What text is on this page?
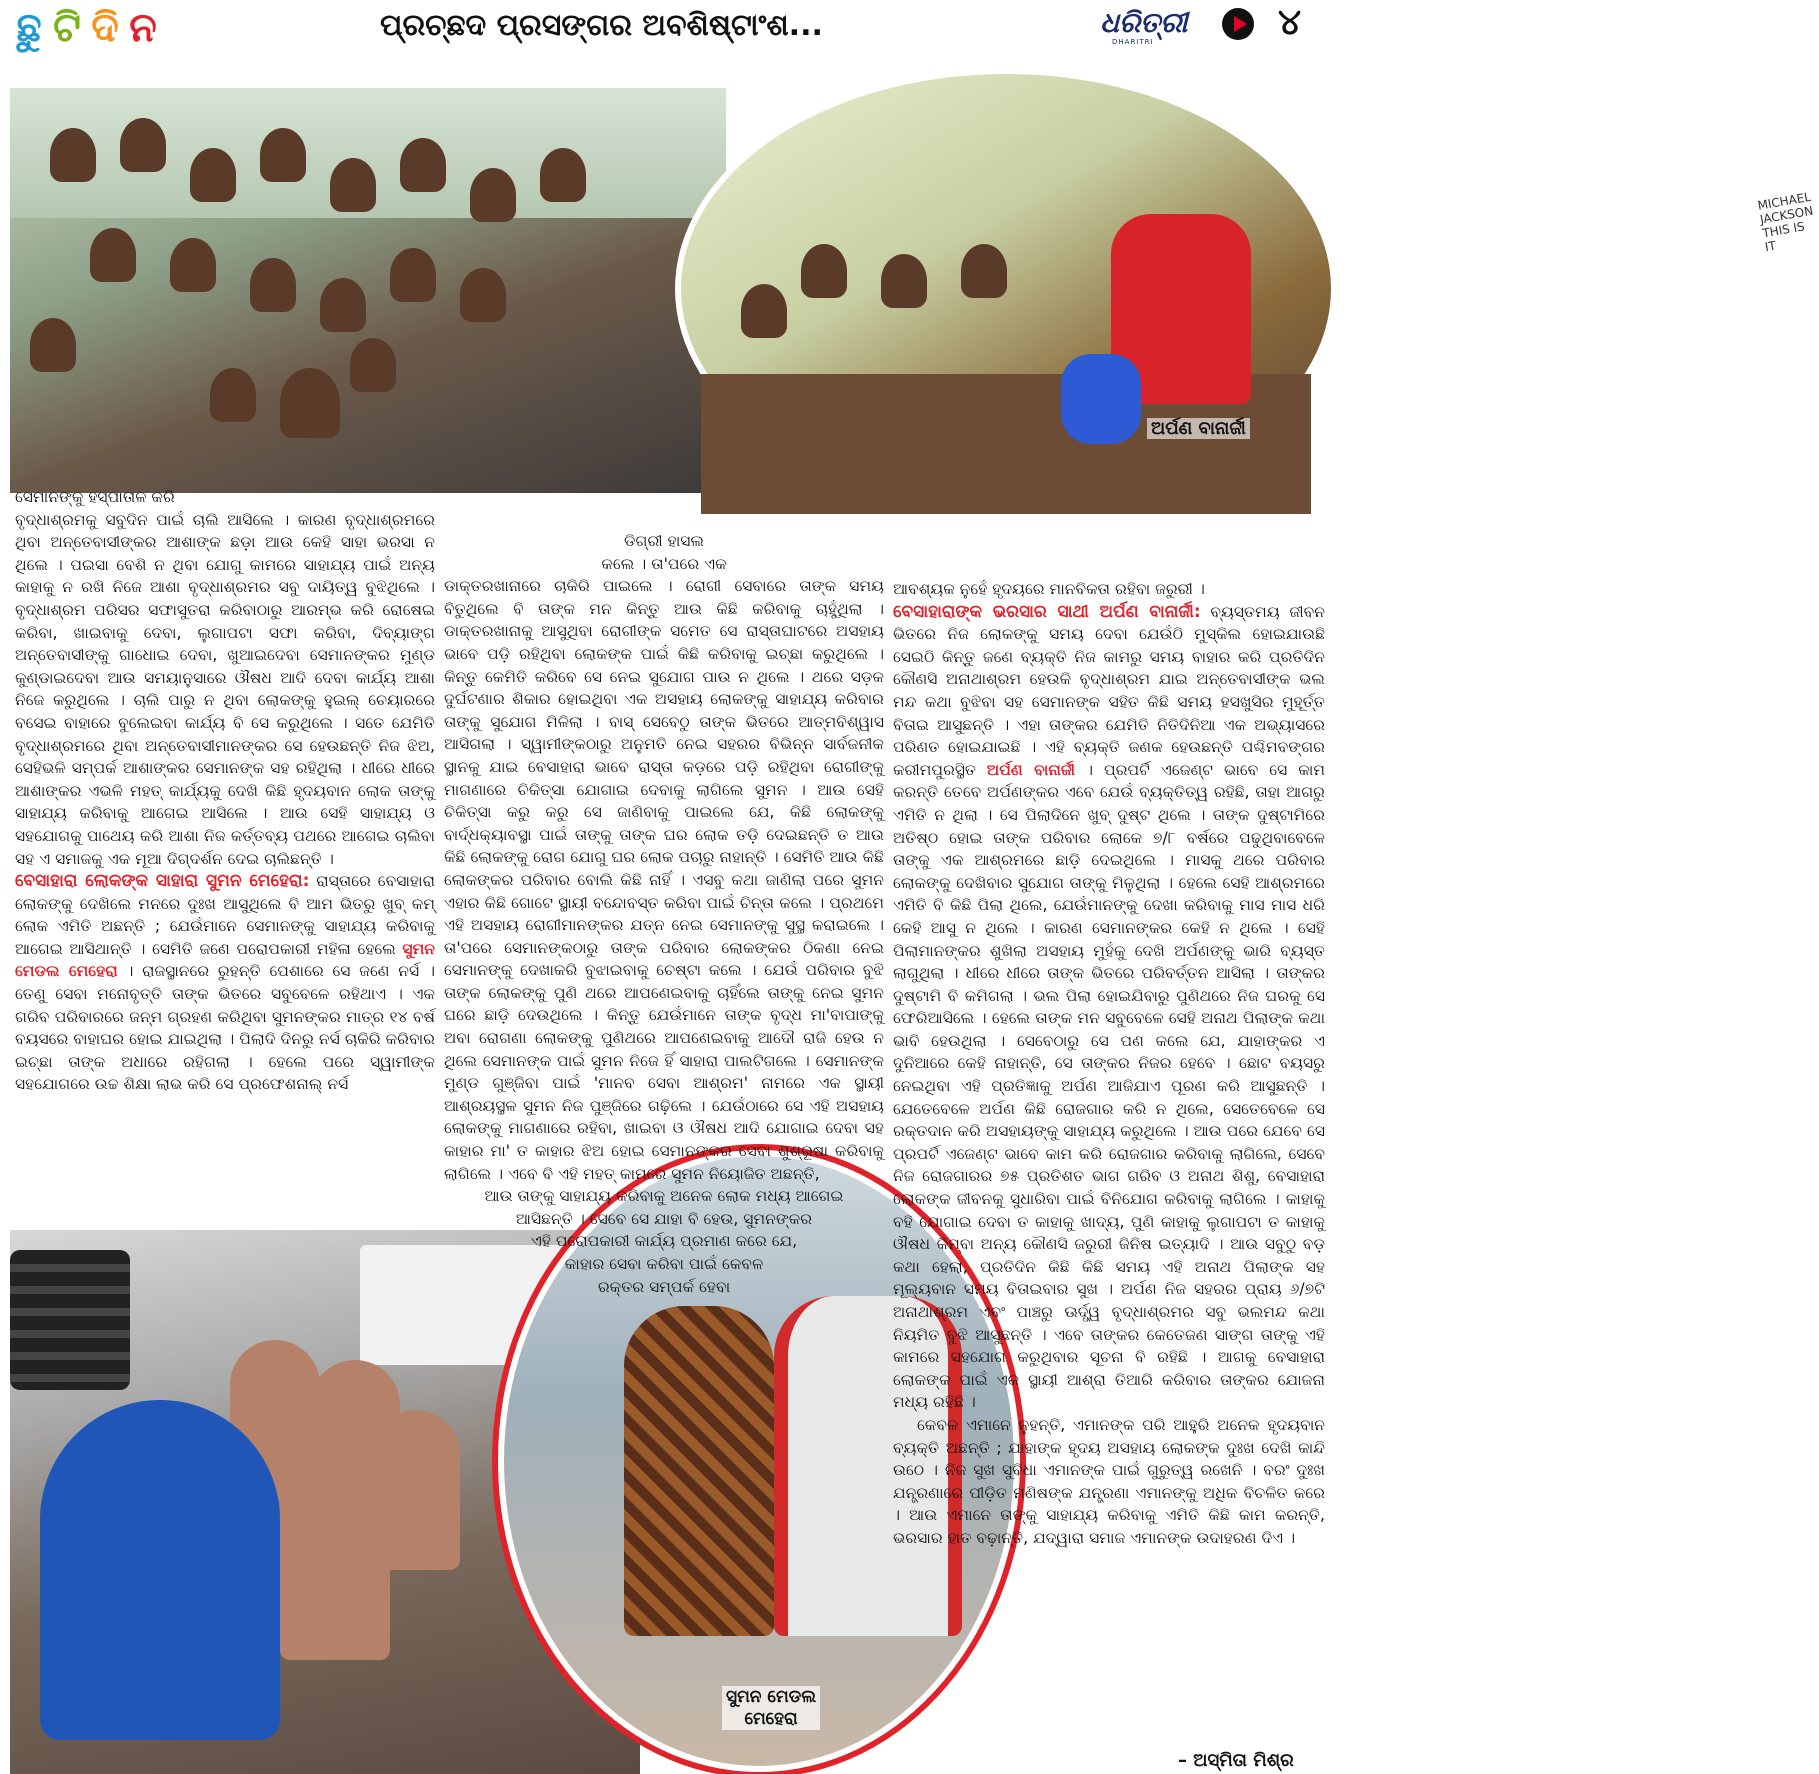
ଛୁ ଟି ଦି ନ	ପ୍ରଚ୍ଛଦ ପ୍ରସଙ୍ଗର ଅବଶିଷ୍ଟାଂଶ...	ଧରିତ୍ରୀ
DHARITRI	୪
MICHAEL JACKSON THIS IS IT
ଅର୍ପଣ ବାନାର୍ଜୀ
ସୁମନ ମେଡଲ
ମେହେରା

ସେମାନଙ୍କୁ ହସ୍ପାତାଳ କରି

ବୃଦ୍ଧାଶ୍ରମକୁ ସବୁଦିନ ପାଇଁ ଚାଲି ଆସିଲେ । କାରଣ ବୃଦ୍ଧାଶ୍ରମରେ ଥିବା ଅନ୍ତେବାସୀଙ୍କର ଆଶାଙ୍କ ଛଡ଼ା ଆଉ କେହି ସାହା ଭରସା ନ ଥିଲେ । ପଇସା ବେଶି ନ ଥିବା ଯୋଗୁ କାମରେ ସାହାଯ୍ୟ ପାଇଁ ଅନ୍ୟ କାହାକୁ ନ ରଖି ନିଜେ ଆଶା ବୃଦ୍ଧାଶ୍ରମର ସବୁ ଦାୟିତ୍ୱ ବୁଝିଥିଲେ । ବୃଦ୍ଧାଶ୍ରମ ପରିସର ସଫାସୁତରା କରିବାଠାରୁ ଆରମ୍ଭ କରି ରୋଷେଇ କରିବା, ଖାଇବାକୁ ଦେବା, ଲୁଗାପଟା ସଫା କରିବା, ଦିବ୍ୟାଙ୍ଗ ଅନ୍ତେବାସୀଙ୍କୁ ଗାଧୋଇ ଦେବା, ଖୁଆଇଦେବା ସେମାନଙ୍କର ମୁଣ୍ଡ କୁଣ୍ଡାଇଦେବା ଆଉ ସମୟାନୁସାରେ ଔଷଧ ଆଦି ଦେବା କାର୍ଯ୍ୟ ଆଶା ନିଜେ କରୁଥିଲେ । ଚାଲି ପାରୁ ନ ଥିବା ଲୋକଙ୍କୁ ହୁଇଲ୍‌ ଚେୟାରରେ ବସେଇ ବାହାରେ ବୁଲେଇବା କାର୍ଯ୍ୟ ବି ସେ କରୁଥିଲେ । ସତେ ଯେମିତି ବୃଦ୍ଧାଶ୍ରମରେ ଥିବା ଅନ୍ତେବାସୀମାନଙ୍କର ସେ ହେଉଛନ୍ତି ନିଜ ଝିଅ, ସେହିଭଳି ସମ୍ପର୍କ ଆଶାଙ୍କର ସେମାନଙ୍କ ସହ ରହିଥିଲା । ଧୀରେ ଧୀରେ ଆଶାଙ୍କର ଏଭଳି ମହତ୍‌ କାର୍ଯ୍ୟକୁ ଦେଖି କିଛି ହୃଦୟବାନ ଲୋକ ତାଙ୍କୁ ସାହାଯ୍ୟ କରିବାକୁ ଆଗେଇ ଆସିଲେ । ଆଉ ସେହି ସାହାଯ୍ୟ ଓ ସହଯୋଗକୁ ପାଥେୟ କରି ଆଶା ନିଜ କର୍ତ୍ତବ୍ୟ ପଥରେ ଆଗେଇ ଚାଲିବା ସହ ଏ ସମାଜକୁ ଏକ ମୂଆ ଦିଗ୍‌ଦର୍ଶନ ଦେଇ ଚାଲିଛନ୍ତି ।

ବେସାହାରା ଲୋକଙ୍କ ସାହାରା ସୁମନ ମେହେରା: ରାସ୍ତାରେ ବେସାହାରା ଲୋକଙ୍କୁ ଦେଖିଲେ ମନରେ ଦୁଃଖ ଆସୁଥିଲେ ବି ଆମ ଭିତରୁ ଖୁବ୍‌ କମ୍‌ ଲୋକ ଏମିତି ଅଛନ୍ତି ; ଯେଉଁମାନେ ସେମାନଙ୍କୁ ସାହାଯ୍ୟ କରିବାକୁ ଆଗେଇ ଆସିଥାନ୍ତି । ସେମିତି ଜଣେ ପରୋପକାରୀ ମହିଳା ହେଲେ ସୁମନ ମେଡଲ ମେହେରା । ରାଜସ୍ଥାନରେ ରୁହନ୍ତି ପେଶାରେ ସେ ଜଣେ ନର୍ସ । ତେଣୁ ସେବା ମନୋବୃତ୍ତି ତାଙ୍କ ଭିତରେ ସବୁବେଳେ ରହିଥାଏ । ଏକ ଗରିବ ପରିବାରରେ ଜନ୍ମ ଗ୍ରହଣ କରିଥିବା ସୁମନଙ୍କର ମାତ୍ର ୧୪ ବର୍ଷ ବୟସରେ ବାହାଘର ହୋଇ ଯାଇଥିଲା । ପିଲାଦି ଦିନରୁ ନର୍ସ ଚାକିରି କରିବାର ଇଚ୍ଛା ତାଙ୍କ ଅଧାରେ ରହିଗଲା । ହେଲେ ପରେ ସ୍ୱାମୀଙ୍କ ସହଯୋଗରେ ଉଚ୍ଚ ଶିକ୍ଷା ଲାଭ କରି ସେ ପ୍ରଫେଶନାଲ୍‌ ନର୍ସ

ଡିଗ୍ରୀ ହାସଲ

କଲେ । ତା'ପରେ ଏକ

ଡାକ୍ତରଖାନାରେ ଚାକିରି ପାଇଲେ । ରୋଗୀ ସେବାରେ ତାଙ୍କ ସମୟ ବିତୁଥିଲେ ବି ତାଙ୍କ ମନ କିନ୍ତୁ ଆଉ କିଛି କରିବାକୁ ଚାହୁଁଥିଲା । ଡାକ୍ତରଖାନାକୁ ଆସୁଥିବା ରୋଗୀଙ୍କ ସମେତ ସେ ରାସ୍ତାଘାଟରେ ଅସହାୟ ଭାବେ ପଡ଼ି ରହିଥିବା ଲୋକଙ୍କ ପାଇଁ କିଛି କରିବାକୁ ଇଚ୍ଛା କରୁଥିଲେ । କିନ୍ତୁ କେମିତି କରିବେ ସେ ନେଇ ସୁଯୋଗ ପାଉ ନ ଥିଲେ । ଥରେ ସଡ଼କ ଦୁର୍ଘଟଣାର ଶିକାର ହୋଇଥିବା ଏକ ଅସହାୟ ଲୋକଙ୍କୁ ସାହାଯ୍ୟ କରିବାର ତାଙ୍କୁ ସୁଯୋଗ ମିଳିଲା । ବାସ୍‌ ସେବେଠୁ ତାଙ୍କ ଭିତରେ ଆତ୍ମବିଶ୍ୱାସ ଆସିଗଲା । ସ୍ୱାମୀଙ୍କଠାରୁ ଅନୁମତି ନେଇ ସହରର ବିଭିନ୍ନ ସାର୍ବଜନୀକ ସ୍ଥାନକୁ ଯାଇ ବେସାହାରା ଭାବେ ରାସ୍ତା କଡ଼ରେ ପଡ଼ି ରହିଥିବା ରୋଗୀଙ୍କୁ ମାଗଣାରେ ଚିକିତ୍ସା ଯୋଗାଇ ଦେବାକୁ ଲାଗିଲେ ସୁମନ । ଆଉ ସେହି ଚିକିତ୍ସା କରୁ କରୁ ସେ ଜାଣିବାକୁ ପାଇଲେ ଯେ, କିଛି ଲୋକଙ୍କୁ ବାର୍ଦ୍ଧକ୍ୟାବସ୍ଥା ପାଇଁ ତାଙ୍କୁ ତାଙ୍କ ଘର ଲୋକ ତଡ଼ି ଦେଇଛନ୍ତି ତ ଆଉ କିଛି ଲୋକଙ୍କୁ ରୋଗ ଯୋଗୁ ଘର ଲୋକ ପଚାରୁ ନାହାନ୍ତି । ସେମିତି ଆଉ କିଛି ଲୋକଙ୍କର ପରିବାର ବୋଲି କିଛି ନାହିଁ । ଏସବୁ କଥା ଜାଣିଲା ପରେ ସୁମନ ଏହାର କିଛି ଗୋଟେ ସ୍ଥାୟୀ ବନ୍ଦୋବସ୍ତ କରିବା ପାଇଁ ଚିନ୍ତା କଲେ । ପ୍ରଥମେ ଏହି ଅସହାୟ ରୋଗୀମାନଙ୍କର ଯତ୍ନ ନେଇ ସେମାନଙ୍କୁ ସୁସ୍ଥ କରାଇଲେ । ତା'ପରେ ସେମାନଙ୍କଠାରୁ ତାଙ୍କ ପରିବାର ଲୋକଙ୍କର ଠିକଣା ନେଇ ସେମାନଙ୍କୁ ଦେଖାକରି ବୁଝାଇବାକୁ ଚେଷ୍ଟା କଲେ । ଯେଉଁ ପରିବାର ବୁଝି ତାଙ୍କ ଲୋକଙ୍କୁ ପୁଣି ଥରେ ଆପଣେଇବାକୁ ଚାହିଁଲେ ତାଙ୍କୁ ନେଇ ସୁମନ ଘରେ ଛାଡ଼ି ଦେଉଥିଲେ । କିନ୍ତୁ ଯେଉଁମାନେ ତାଙ୍କ ବୃଦ୍ଧ ମା'ବାପାଙ୍କୁ ଅବା ରୋଗଣା ଲୋକଙ୍କୁ ପୁଣିଥରେ ଆପଣେଇବାକୁ ଆଦୌ ରାଜି ହେଉ ନ ଥିଲେ ସେମାନଙ୍କ ପାଇଁ ସୁମନ ନିଜେ ହିଁ ସାହାରା ପାଲଟିଗଲେ । ସେମାନଙ୍କ ମୁଣ୍ଡ ଗୁଞ୍ଜିବା ପାଇଁ 'ମାନବ ସେବା ଆଶ୍ରମ' ନାମରେ ଏକ ସ୍ଥାୟୀ ଆଶ୍ରୟସ୍ଥଳ ସୁମନ ନିଜ ପୁଞ୍ଜିରେ ଗଢ଼ିଲେ । ଯେଉଁଠାରେ ସେ ଏହି ଅସହାୟ ଲୋକଙ୍କୁ ମାଗଣାରେ ରହିବା, ଖାଇବା ଓ ଔଷଧ ଆଦି ଯୋଗାଇ ଦେବା ସହ କାହାର ମା' ତ କାହାର ଝିଅ ହୋଇ ସେମାନଙ୍କର ସେବା ଶୁଶ୍ରୂଷା କରିବାକୁ ଲାଗିଲେ । ଏବେ ବି ଏହି ମହତ୍‌ କାମରେ ସୁମନ ନିୟୋଜିତ ଅଛନ୍ତି,

ଆଉ ତାଙ୍କୁ ସାହାଯ୍ୟ କରିବାକୁ ଅନେକ ଲୋକ ମଧ୍ୟ ଆଗେଇ

ଆସିଛନ୍ତି । ସେବେ ସେ ଯାହା ବି ହେଉ, ସୁମନଙ୍କର

ଏହି ପରୋପକାରୀ କାର୍ଯ୍ୟ ପ୍ରମାଣ କରେ ଯେ,

କାହାର ସେବା କରିବା ପାଇଁ କେବଳ

ରକ୍ତର ସମ୍ପର୍କ ହେବା

ଆବଶ୍ୟକ ନୁହେଁ ହୃଦୟରେ ମାନବିକତା ରହିବା ଜରୁରୀ ।

ବେସାହାରାଙ୍କ ଭରସାର ସାଥୀ ଅର୍ପଣ ବାନାର୍ଜୀ: ବ୍ୟସ୍ତମୟ ଜୀବନ ଭିତରେ ନିଜ ଲୋକଙ୍କୁ ସମୟ ଦେବା ଯେଉଁଠି ମୁସ୍କିଲ ହୋଇଯାଉଛି ସେଇଠି କିନ୍ତୁ ଜଣେ ବ୍ୟକ୍ତି ନିଜ କାମରୁ ସମୟ ବାହାର କରି ପ୍ରତିଦିନ କୌଣସି ଅନାଥାଶ୍ରମ ହେଉକି ବୃଦ୍ଧାଶ୍ରମ ଯାଇ ଅନ୍ତେବାସୀଙ୍କ ଭଲ ମନ୍ଦ କଥା ବୁଝିବା ସହ ସେମାନଙ୍କ ସହିତ କିଛି ସମୟ ହସଖୁସିର ମୁହୂର୍ତ୍ତ ବିତାଇ ଆସୁଛନ୍ତି । ଏହା ତାଙ୍କର ଯେମିତି ନିତିଦିନିଆ ଏକ ଅଭ୍ୟାସରେ ପରିଣତ ହୋଇଯାଇଛି । ଏହି ବ୍ୟକ୍ତି ଜଣକ ହେଉଛନ୍ତି ପଶ୍ଚିମବଙ୍ଗର କରୀମପୁରସ୍ଥିତ ଅର୍ପଣ ବାନାର୍ଜୀ । ପ୍ରପର୍ଟି ଏଜେଣ୍ଟ ଭାବେ ସେ କାମ କରନ୍ତି ତେବେ ଅର୍ପଣଙ୍କର ଏବେ ଯେଉଁ ବ୍ୟକ୍ତିତ୍ୱ ରହିଛି, ତାହା ଆଗରୁ ଏମିତି ନ ଥିଲା । ସେ ପିଲାଦିନେ ଖୁବ୍‌ ଦୁଷ୍ଟ ଥିଲେ । ତାଙ୍କ ଦୁଷ୍ଟାମିରେ ଅତିଷ୍ଠ ହୋଇ ତାଙ୍କ ପରିବାର ଲୋକେ ୭/୮ ବର୍ଷରେ ପଢୁଥିବାବେଳେ ତାଙ୍କୁ ଏକ ଆଶ୍ରମରେ ଛାଡ଼ି ଦେଇଥିଲେ । ମାସକୁ ଥରେ ପରିବାର ଲୋକଙ୍କୁ ଦେଖିବାର ସୁଯୋଗ ତାଙ୍କୁ ମିଳୁଥିଲା । ହେଲେ ସେହି ଆଶ୍ରମରେ ଏମିତି ବି କିଛି ପିଲା ଥିଲେ, ଯେଉଁମାନଙ୍କୁ ଦେଖା କରିବାକୁ ମାସ ମାସ ଧରି କେହି ଆସୁ ନ ଥିଲେ । କାରଣ ସେମାନଙ୍କର କେହି ନ ଥିଲେ । ସେହି ପିଲାମାନଙ୍କର ଶୁଖିଲା ଅସହାୟ ମୁହଁକୁ ଦେଖି ଅର୍ପଣଙ୍କୁ ଭାରି ବ୍ୟସ୍ତ ଲାଗୁଥିଲା । ଧୀରେ ଧୀରେ ତାଙ୍କ ଭିତରେ ପରିବର୍ତ୍ତନ ଆସିଲା । ତାଙ୍କର ଦୁଷ୍ଟାମି ବି କମିଗଲା । ଭଲ ପିଲା ହୋଇଯିବାରୁ ପୁଣିଥରେ ନିଜ ଘରକୁ ସେ ଫେରିଆସିଲେ । ହେଲେ ତାଙ୍କ ମନ ସବୁବେଳେ ସେହି ଅନାଥ ପିଲାଙ୍କ କଥା ଭାବି ହେଉଥିଲା । ସେବେଠାରୁ ସେ ପଣ କଲେ ଯେ, ଯାହାଙ୍କର ଏ ଦୁନିଆରେ କେହି ନାହାନ୍ତି, ସେ ତାଙ୍କର ନିଜର ହେବେ । ଛୋଟ ବୟସରୁ ନେଇଥିବା ଏହି ପ୍ରତିଜ୍ଞାକୁ ଅର୍ପଣ ଆଜିଯାଏ ପୂରଣ କରି ଆସୁଛନ୍ତି । ଯେତେବେଳେ ଅର୍ପଣ କିଛି ରୋଜଗାର କରି ନ ଥିଲେ, ସେତେବେଳେ ସେ ରକ୍ତଦାନ କରି ଅସହାୟଙ୍କୁ ସାହାଯ୍ୟ କରୁଥିଲେ । ଆଉ ପରେ ଯେବେ ସେ ପ୍ରପର୍ଟି ଏଜେଣ୍ଟ ଭାବେ କାମ କରି ରୋଜଗାର କରିବାକୁ ଲାଗିଲେ, ସେବେ ନିଜ ରୋଜଗାରର ୭୫ ପ୍ରତିଶତ ଭାଗ ଗରିବ ଓ ଅନାଥ ଶିଶୁ, ବେସାହାରା ଲୋକଙ୍କ ଜୀବନକୁ ସୁଧାରିବା ପାଇଁ ବିନିଯୋଗ କରିବାକୁ ଲାଗିଲେ । କାହାକୁ ବହି ଯୋଗାଇ ଦେବା ତ କାହାକୁ ଖାଦ୍ୟ, ପୁଣି କାହାକୁ ଲୁଗାପଟା ତ କାହାକୁ ଔଷଧ କିମ୍ବା ଅନ୍ୟ କୌଣସି ଜରୁରୀ ଜିନିଷ ଇତ୍ୟାଦି । ଆଉ ସବୁଠୁ ବଡ଼ କଥା ହେଲା, ପ୍ରତିଦିନ କିଛି କିଛି ସମୟ ଏହି ଅନାଥ ପିଲାଙ୍କ ସହ ମୂଲ୍ୟବାନ ସମୟ ବିତାଇବାର ସୁଖ । ଅର୍ପଣ ନିଜ ସହରର ପ୍ରାୟ ୬/୭ଟି ଅନାଥାଶ୍ରମ ଏବଂ ପାଞ୍ଚରୁ ଊର୍ଦ୍ଧ୍ୱ ବୃଦ୍ଧାଶ୍ରମର ସବୁ ଭଲମନ୍ଦ କଥା ନିୟମିତ ବୁଝି ଆସୁଛନ୍ତି । ଏବେ ତାଙ୍କର କେତେଜଣ ସାଙ୍ଗ ତାଙ୍କୁ ଏହି କାମରେ ସହଯୋଗ କରୁଥିବାର ସୂଚନା ବି ରହିଛି । ଆଗକୁ ବେସାହାରା ଲୋକଙ୍କ ପାଇଁ ଏକ ସ୍ଥାୟୀ ଆଶ୍ରା ତିଆରି କରିବାର ତାଙ୍କର ଯୋଜନା ମଧ୍ୟ ରହିଛି ।

କେବଳ ଏମାନେ ନୁହନ୍ତି, ଏମାନଙ୍କ ପରି ଆହୁରି ଅନେକ ହୃଦୟବାନ ବ୍ୟକ୍ତି ଅଛନ୍ତି ; ଯାହାଙ୍କ ହୃଦୟ ଅସହାୟ ଲୋକଙ୍କ ଦୁଃଖ ଦେଖି କାନ୍ଦି ଉଠେ । ନିଜ ସୁଖ ସୁବିଧା ଏମାନଙ୍କ ପାଇଁ ଗୁରୁତ୍ୱ ରଖେନି । ବରଂ ଦୁଃଖ ଯନ୍ତ୍ରଣାରେ ପୀଡ଼ିତ ମଣିଷଙ୍କ ଯନ୍ତ୍ରଣା ଏମାନଙ୍କୁ ଅଧିକ ବିଚଳିତ କରେ । ଆଉ ଏମାନେ ତାଙ୍କୁ ସାହାଯ୍ୟ କରିବାକୁ ଏମିତି କିଛି କାମ କରନ୍ତି, ଭରସାର ହାତ ବଢ଼ାନ୍ତି, ଯଦ୍ୱାରା ସମାଜ ଏମାନଙ୍କ ଉଦାହରଣ ଦିଏ ।

– ଅସ୍ମିତା ମିଶ୍ର
